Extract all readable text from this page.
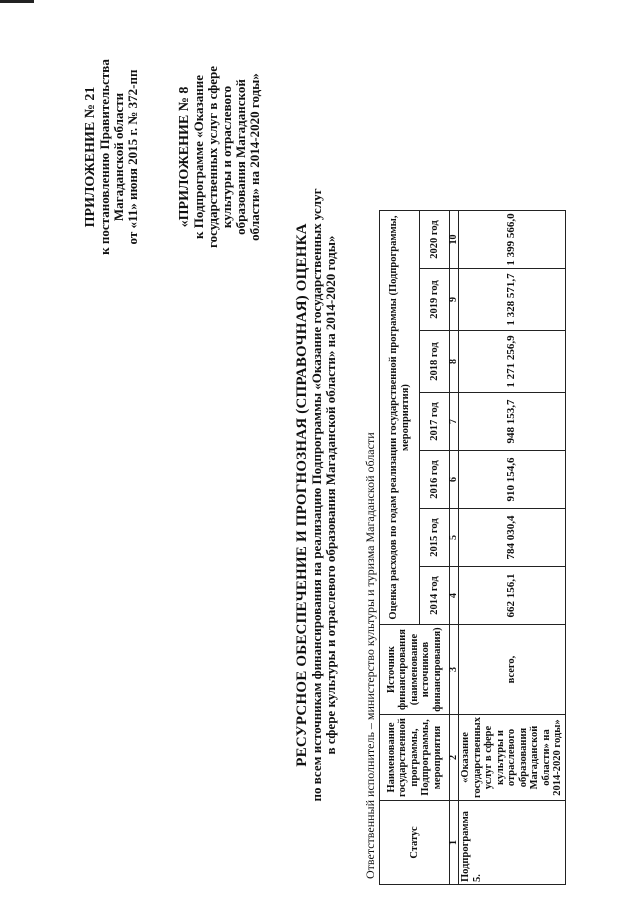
ПРИЛОЖЕНИЕ № 21 к постановлению Правительства Магаданской области от «11» июня 2015 г. № 372-пп	«ПРИЛОЖЕНИЕ № 8 к Подпрограмме «Оказание государственных услуг в сфере культуры и отраслевого образования Магаданской области» на 2014-2020 годы»
РЕСУРСНОЕ ОБЕСПЕЧЕНИЕ И ПРОГНОЗНАЯ (СПРАВОЧНАЯ) ОЦЕНКА
по всем источникам финансирования на реализацию Подпрограммы «Оказание государственных услуг в сфере культуры и отраслевого образования Магаданской области» на 2014-2020 годы» Ответственный исполнитель – министерство культуры и туризма Магаданской области	Статус	Наименование государственной программы, Подпрограммы, мероприятия	Источник финансирования (наименование источников финансирования)	Оценка расходов по годам реализации государственной программы (Подпрограммы, мероприятия)						
			2014 год	2015 год	2016 год	2017 год	2018 год	2019 год	2020 год
1	2	3	4	5	6	7	8	9	10
Подпрограмма 5.	«Оказание государственных услуг в сфере культуры и отраслевого образования Магаданской области» на 2014-2020 годы»	всего,	662 156,1	784 030,4	910 154,6	948 153,7	1 271 256,9	1 328 571,7	1 399 566,0
